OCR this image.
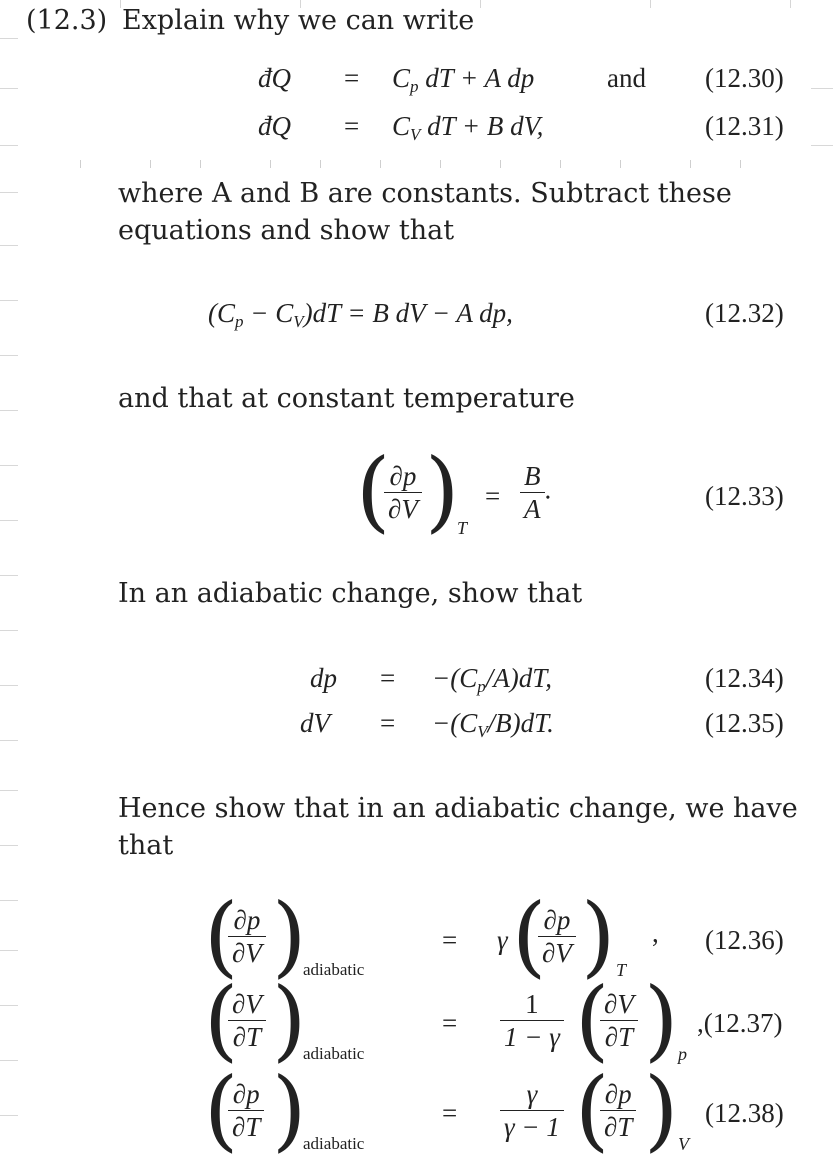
(12.3) Explain why we can write
đQ = $C_p$ dT + A dp	and (12.30)
đQ = $C_V$ dT + B dV,	(12.31)
where A and B are constants. Subtract these
equations and show that
$(C_p - C_V)dT = B$ dV − A dp,	(12.32)
and that at constant temperature
(
$\frac{\partial p}{\partial V}$ )
T
= $\frac{B}{A}$ .	(12.33)
In an adiabatic change, show that
dp = $-(C_p/A)dT$,	(12.34)
dV = $-(C_V/B)dT$.	(12.35)
Hence show that in an adiabatic change, we have
that
(
$\frac{\partial p}{\partial V}$ )
adiabatic
= γ (
$\frac{\partial p}{\partial V}$ ) T
, (12.36)
(
$\frac{\partial V}{\partial T}$ )
adiabatic
= $\frac{1}{1 - \gamma}$ (
$\frac{\partial V}{\partial T}$ ) p
,(12.37)
(
$\frac{\partial p}{\partial T}$ )
adiabatic
= $\frac{\gamma}{\gamma - 1}$ (
$\frac{\partial p}{\partial T}$ ) V
(12.38)
